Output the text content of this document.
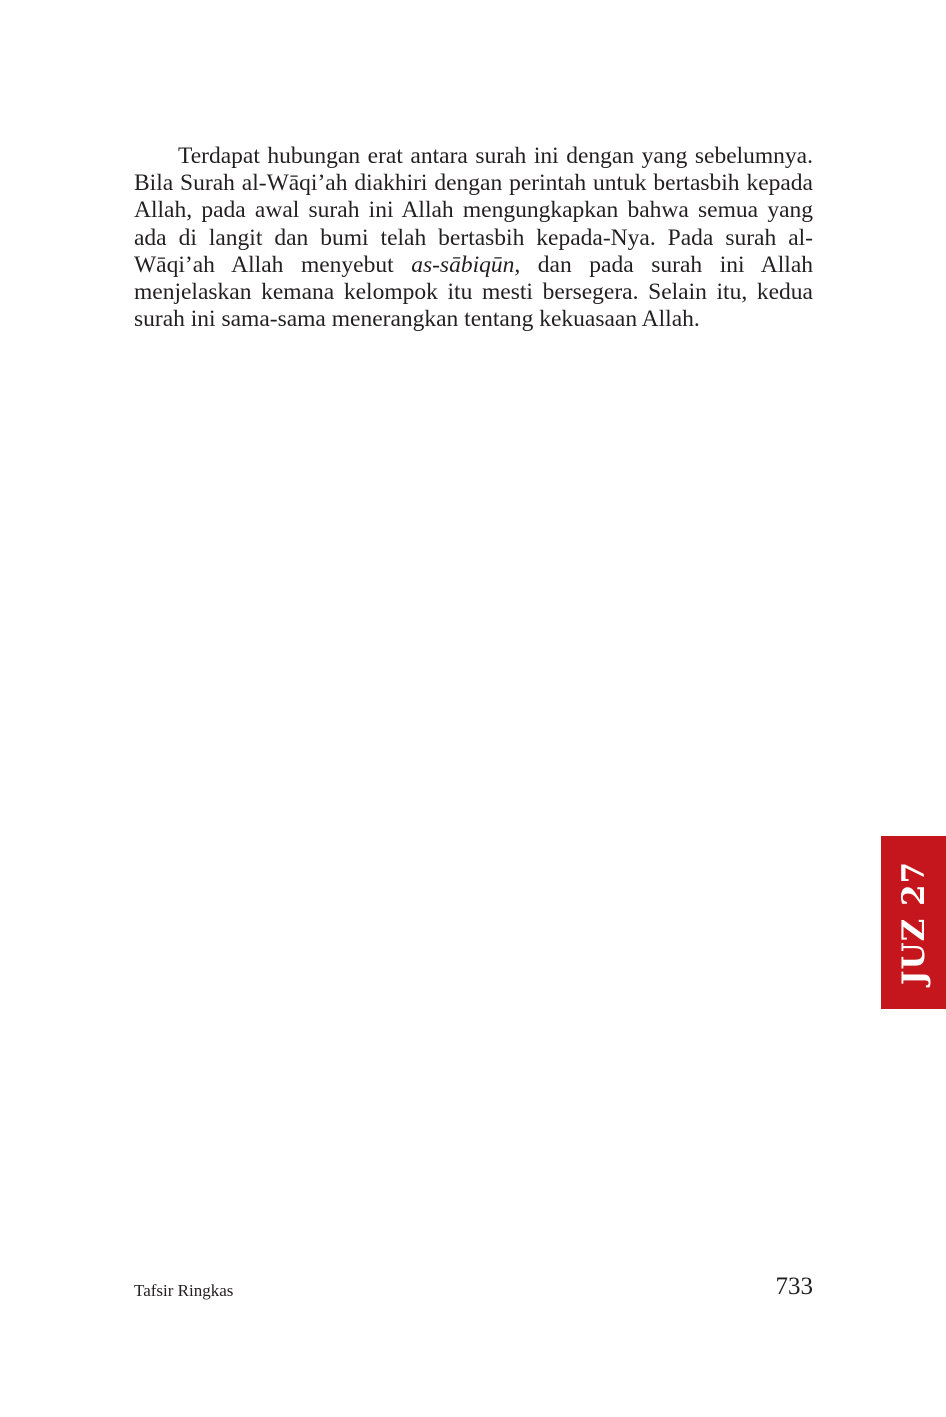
Terdapat hubungan erat antara surah ini dengan yang sebelumnya. Bila Surah al-Wāqi’ah diakhiri dengan perintah untuk bertasbih kepada Allah, pada awal surah ini Allah mengungkapkan bahwa semua yang ada di langit dan bumi telah bertasbih kepada-Nya. Pada surah al-​Wāqi’ah Allah menyebut as-sābiqūn, dan pada surah ini Allah menjelaskan kemana kelompok itu mesti bersegera. Selain itu, kedua surah ini sama-sama menerangkan tentang kekuasaan Allah.

JUZ 27
Tafsir Ringkas	733
